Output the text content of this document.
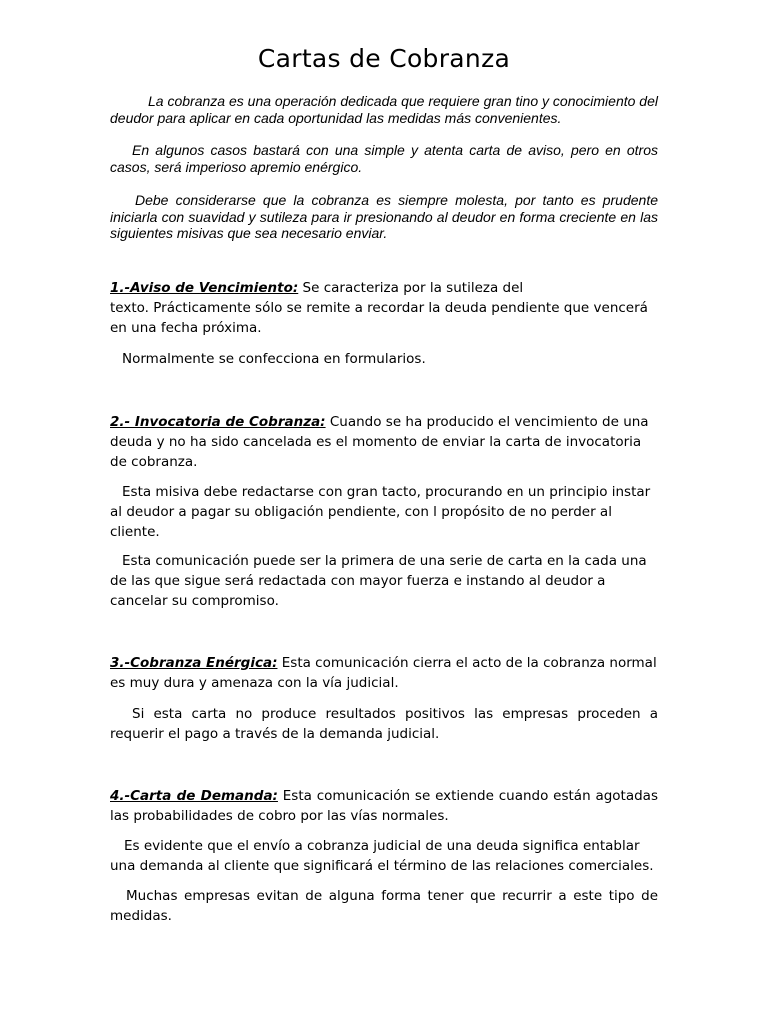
Cartas de Cobranza

La cobranza es una operación dedicada que requiere gran tino y conocimiento del deudor para aplicar en cada oportunidad las medidas más convenientes.

En algunos casos bastará con una simple y atenta carta de aviso, pero en otros casos, será imperioso apremio enérgico.

Debe considerarse que la cobranza es siempre molesta, por tanto es prudente iniciarla con suavidad y sutileza para ir presionando al deudor en forma creciente en las siguientes misivas que sea necesario enviar.

1.-Aviso de Vencimiento: Se caracteriza por la sutileza del
texto. Prácticamente sólo se remite a recordar la deuda pendiente que vencerá en una fecha próxima.

Normalmente se confecciona en formularios.

2.- Invocatoria de Cobranza: Cuando se ha producido el vencimiento de una deuda y no ha sido cancelada es el momento de enviar la carta de invocatoria de cobranza.

Esta misiva debe redactarse con gran tacto, procurando en un principio instar al deudor a pagar su obligación pendiente, con l propósito de no perder al cliente.

Esta comunicación puede ser la primera de una serie de carta en la cada una de las que sigue será redactada con mayor fuerza e instando al deudor a cancelar su compromiso.

3.-Cobranza Enérgica: Esta comunicación cierra el acto de la cobranza normal es muy dura y amenaza con la vía judicial.

Si esta carta no produce resultados positivos las empresas proceden a requerir el pago a través de la demanda judicial.

4.-Carta de Demanda: Esta comunicación se extiende cuando están agotadas las probabilidades de cobro por las vías normales.

Es evidente que el envío a cobranza judicial de una deuda significa entablar una demanda al cliente que significará el término de las relaciones comerciales.

Muchas empresas evitan de alguna forma tener que recurrir a este tipo de medidas.
